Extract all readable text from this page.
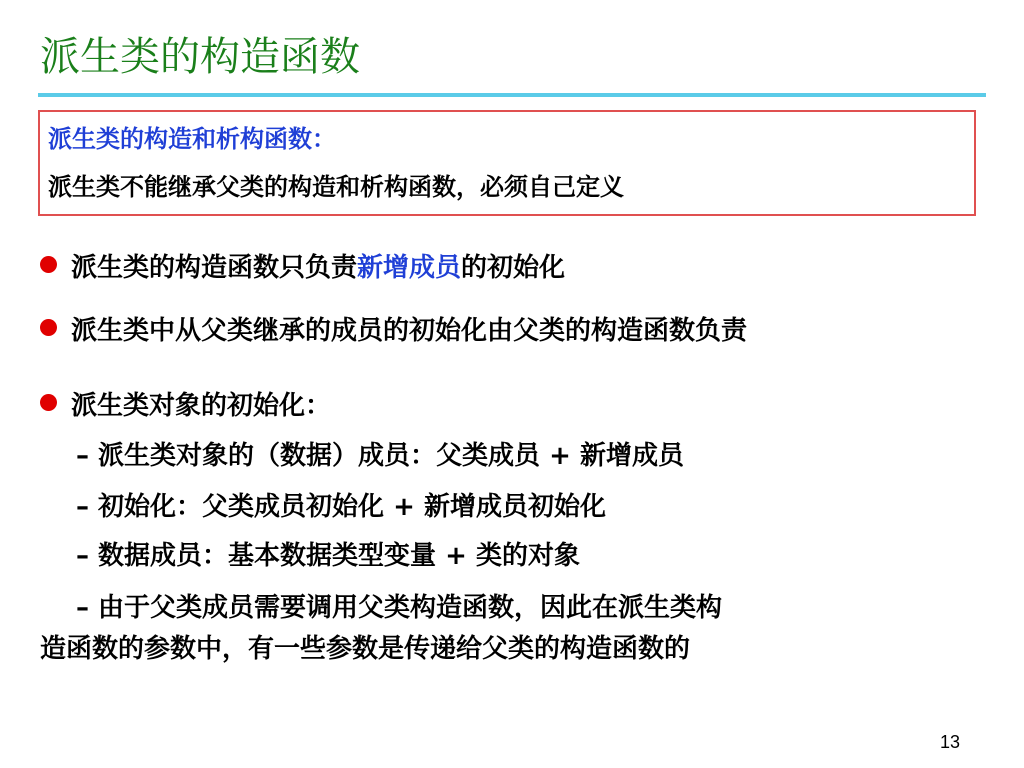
派生类的构造函数
派生类的构造和析构函数：
派生类不能继承父类的构造和析构函数，必须自己定义
派生类的构造函数只负责新增成员的初始化
派生类中从父类继承的成员的初始化由父类的构造函数负责
派生类对象的初始化：
– 派生类对象的（数据）成员：父类成员 + 新增成员
– 初始化：父类成员初始化 + 新增成员初始化
– 数据成员：基本数据类型变量 + 类的对象
– 由于父类成员需要调用父类构造函数，因此在派生类构
造函数的参数中，有一些参数是传递给父类的构造函数的
13
